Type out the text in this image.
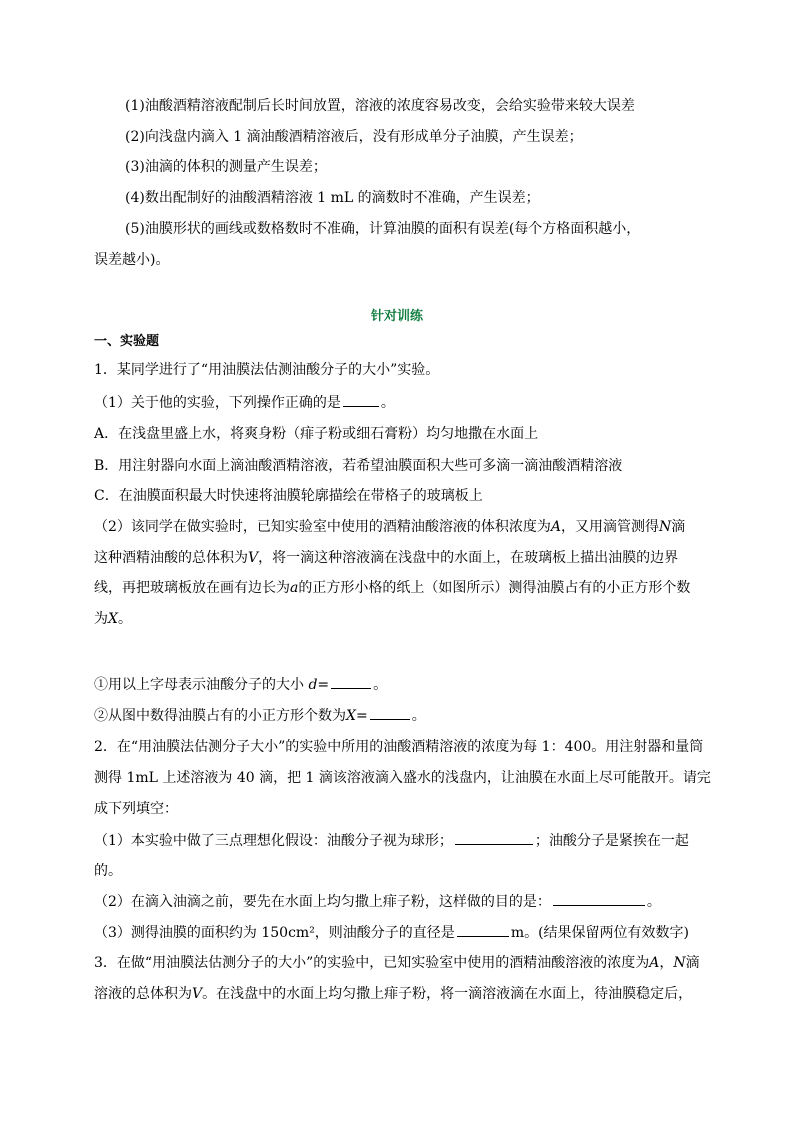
(1)油酸酒精溶液配制后长时间放置，溶液的浓度容易改变，会给实验带来较大误差
(2)向浅盘内滴入 1 滴油酸酒精溶液后，没有形成单分子油膜，产生误差；
(3)油滴的体积的测量产生误差；
(4)数出配制好的油酸酒精溶液 1 mL 的滴数时不准确，产生误差；
(5)油膜形状的画线或数格数时不准确，计算油膜的面积有误差(每个方格面积越小，
误差越小)。
针对训练
一、实验题
1．某同学进行了“用油膜法估测油酸分子的大小”实验。
（1）关于他的实验，下列操作正确的是	。
A．在浅盘里盛上水，将爽身粉（痱子粉或细石膏粉）均匀地撒在水面上
B．用注射器向水面上滴油酸酒精溶液，若希望油膜面积大些可多滴一滴油酸酒精溶液
C．在油膜面积最大时快速将油膜轮廓描绘在带格子的玻璃板上
（2）该同学在做实验时，已知实验室中使用的酒精油酸溶液的体积浓度为A，又用滴管测得N滴
这种酒精油酸的总体积为V，将一滴这种溶液滴在浅盘中的水面上，在玻璃板上描出油膜的边界
线，再把玻璃板放在画有边长为a的正方形小格的纸上（如图所示）测得油膜占有的小正方形个数
为X。
①用以上字母表示油酸分子的大小 d=	。
②从图中数得油膜占有的小正方形个数为X=	。
2．在“用油膜法估测分子大小”的实验中所用的油酸酒精溶液的浓度为每 1：400。用注射器和量筒
测得 1mL 上述溶液为 40 滴，把 1 滴该溶液滴入盛水的浅盘内，让油膜在水面上尽可能散开。请完
成下列填空：
（1）本实验中做了三点理想化假设：油酸分子视为球形；	；油酸分子是紧挨在一起
的。
（2）在滴入油滴之前，要先在水面上均匀撒上痱子粉，这样做的目的是：	。
（3）测得油膜的面积约为 150cm²，则油酸分子的直径是	m。(结果保留两位有效数字)
3．在做“用油膜法估测分子的大小”的实验中，已知实验室中使用的酒精油酸溶液的浓度为A，N滴
溶液的总体积为V。在浅盘中的水面上均匀撒上痱子粉，将一滴溶液滴在水面上，待油膜稳定后，
